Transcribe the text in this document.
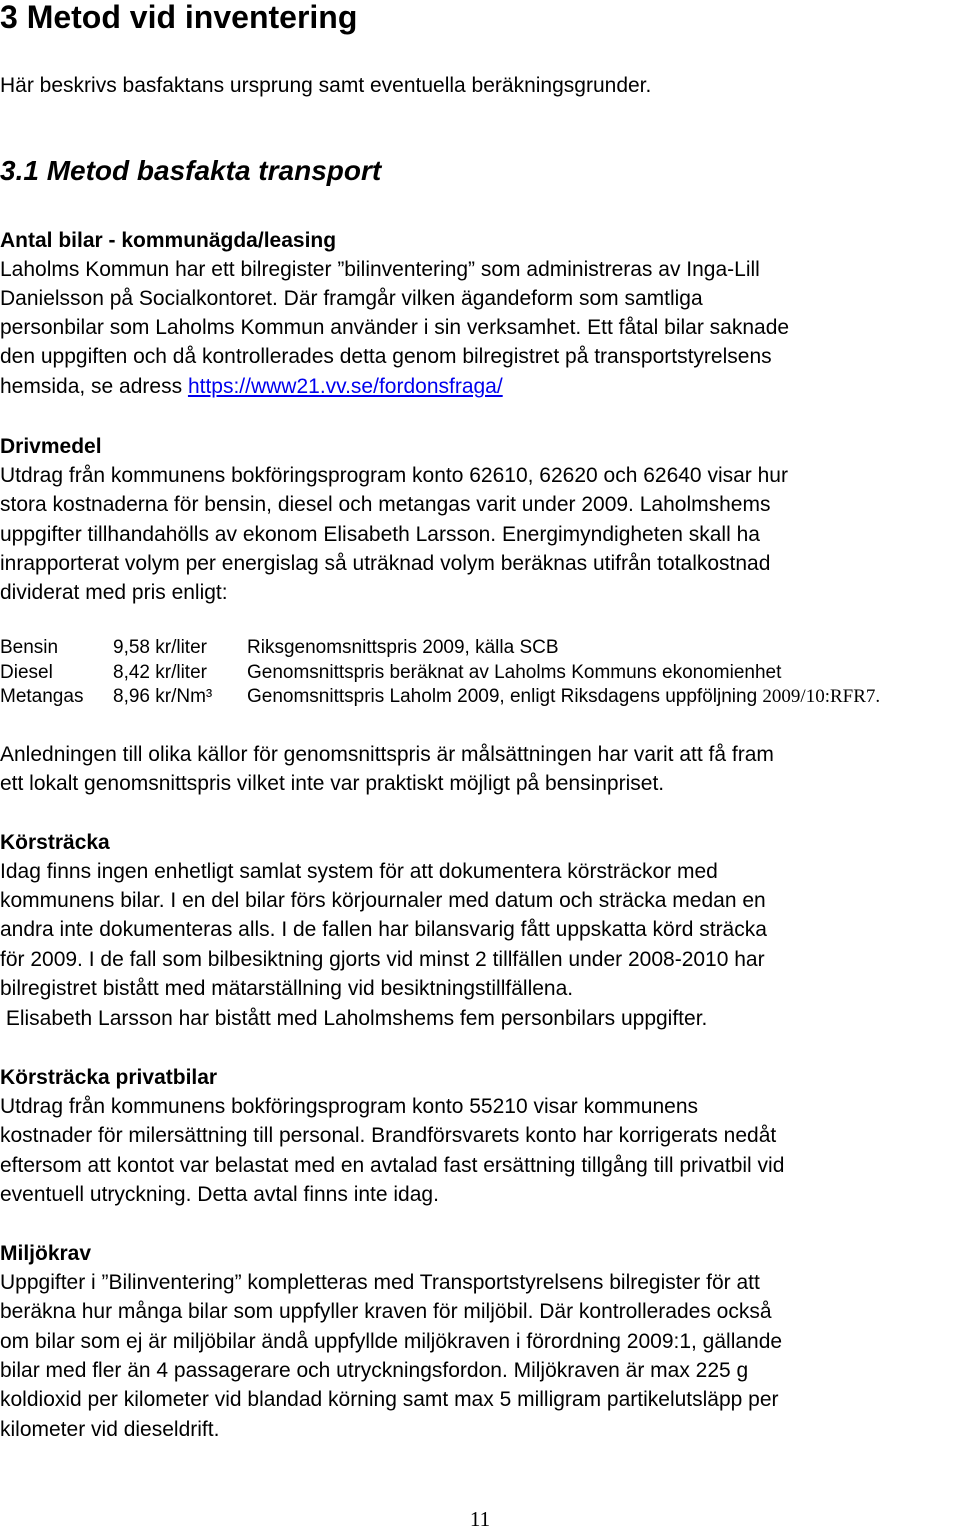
3 Metod vid inventering
Här beskrivs basfaktans ursprung samt eventuella beräkningsgrunder.
3.1 Metod basfakta transport
Antal bilar - kommunägda/leasing
Laholms Kommun har ett bilregister ”bilinventering” som administreras av Inga-Lill
Danielsson på Socialkontoret. Där framgår vilken ägandeform som samtliga
personbilar som Laholms Kommun använder i sin verksamhet. Ett fåtal bilar saknade
den uppgiften och då kontrollerades detta genom bilregistret på transportstyrelsens
hemsida, se adress https://www21.vv.se/fordonsfraga/
Drivmedel
Utdrag från kommunens bokföringsprogram konto 62610, 62620 och 62640 visar hur
stora kostnaderna för bensin, diesel och metangas varit under 2009. Laholmshems
uppgifter tillhandahölls av ekonom Elisabeth Larsson. Energimyndigheten skall ha
inrapporterat volym per energislag så uträknad volym beräknas utifrån totalkostnad
dividerat med pris enligt:
Bensin	9,58 kr/liter Riksgenomsnittspris 2009, källa SCB
Diesel	8,42 kr/liter Genomsnittspris beräknat av Laholms Kommuns ekonomienhet
Metangas 8,96 kr/Nm³ Genomsnittspris Laholm 2009, enligt Riksdagens uppföljning 2009/10:RFR7.
Anledningen till olika källor för genomsnittspris är målsättningen har varit att få fram
ett lokalt genomsnittspris vilket inte var praktiskt möjligt på bensinpriset.
Körsträcka
Idag finns ingen enhetligt samlat system för att dokumentera körsträckor med
kommunens bilar. I en del bilar förs körjournaler med datum och sträcka medan en
andra inte dokumenteras alls. I de fallen har bilansvarig fått uppskatta körd sträcka
för 2009. I de fall som bilbesiktning gjorts vid minst 2 tillfällen under 2008-2010 har
bilregistret bistått med mätarställning vid besiktningstillfällena.
Elisabeth Larsson har bistått med Laholmshems fem personbilars uppgifter.
Körsträcka privatbilar
Utdrag från kommunens bokföringsprogram konto 55210 visar kommunens
kostnader för milersättning till personal. Brandförsvarets konto har korrigerats nedåt
eftersom att kontot var belastat med en avtalad fast ersättning tillgång till privatbil vid
eventuell utryckning. Detta avtal finns inte idag.
Miljökrav
Uppgifter i ”Bilinventering” kompletteras med Transportstyrelsens bilregister för att
beräkna hur många bilar som uppfyller kraven för miljöbil. Där kontrollerades också
om bilar som ej är miljöbilar ändå uppfyllde miljökraven i förordning 2009:1, gällande
bilar med fler än 4 passagerare och utryckningsfordon. Miljökraven är max 225 g
koldioxid per kilometer vid blandad körning samt max 5 milligram partikelutsläpp per
kilometer vid dieseldrift.
11
